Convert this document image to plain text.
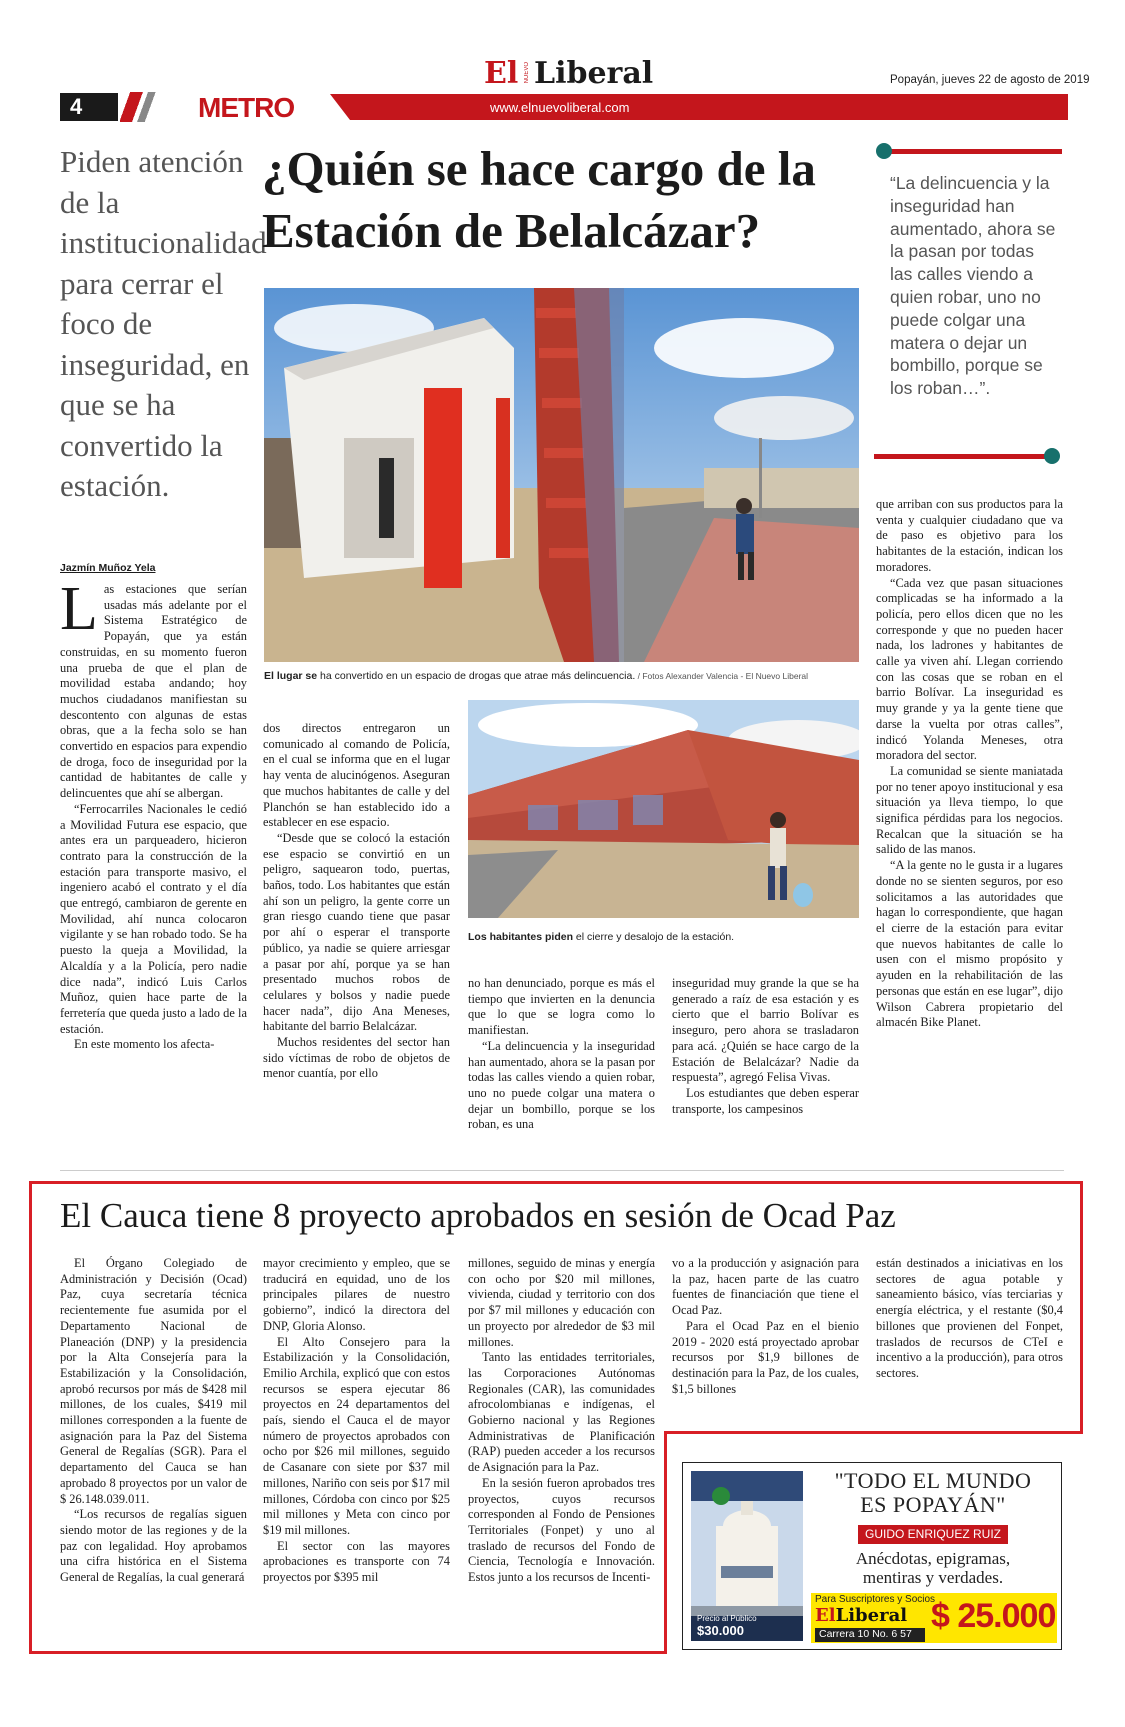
4	METRO
El NUEVO Liberal
www.elnuevoliberal.com
Popayán, jueves 22 de agosto de 2019
Piden atención de la institucionalidad para cerrar el foco de inseguridad, en que se ha convertido la estación.
¿Quién se hace cargo de la Estación de Belalcázar?
“La delincuencia y la inseguridad han aumentado, ahora se la pasan por todas las calles viendo a quien robar, uno no puede colgar una matera o dejar un bombillo, porque se los roban…”.
El lugar se ha convertido en un espacio de drogas que atrae más delincuencia. / Fotos Alexander Valencia - El Nuevo Liberal
Los habitantes piden el cierre y desalojo de la estación.
Jazmín Muñoz Yela

Las estaciones que serían usadas más adelante por el Sistema Estratégico de Popayán, que ya están construidas, en su momento fueron una prueba de que el plan de movilidad estaba andando; hoy muchos ciudadanos manifiestan su descontento con algunas de estas obras, que a la fecha solo se han convertido en espacios para expendio de droga, foco de inseguridad por la cantidad de habitantes de calle y delincuentes que ahí se albergan.

“Ferrocarriles Nacionales le cedió a Movilidad Futura ese espacio, que antes era un parqueadero, hicieron contrato para la construcción de la estación para transporte masivo, el ingeniero acabó el contrato y el día que entregó, cambiaron de gerente en Movilidad, ahí nunca colocaron vigilante y se han robado todo. Se ha puesto la queja a Movilidad, la Alcaldía y a la Policía, pero nadie dice nada”, indicó Luis Carlos Muñoz, quien hace parte de la ferretería que queda justo a lado de la estación.

En este momento los afecta-

dos directos entregaron un comunicado al comando de Policía, en el cual se informa que en el lugar hay venta de alucinógenos. Aseguran que muchos habitantes de calle y del Planchón se han establecido ido a establecer en ese espacio.

“Desde que se colocó la estación ese espacio se convirtió en un peligro, saquearon todo, puertas, baños, todo. Los habitantes que están ahí son un peligro, la gente corre un gran riesgo cuando tiene que pasar por ahí o esperar el transporte público, ya nadie se quiere arriesgar a pasar por ahí, porque ya se han presentado muchos robos de celulares y bolsos y nadie puede hacer nada”, dijo Ana Meneses, habitante del barrio Belalcázar.

Muchos residentes del sector han sido víctimas de robo de objetos de menor cuantía, por ello

no han denunciado, porque es más el tiempo que invierten en la denuncia que lo que se logra como lo manifiestan.

“La delincuencia y la inseguridad han aumentado, ahora se la pasan por todas las calles viendo a quien robar, uno no puede colgar una matera o dejar un bombillo, porque se los roban, es una

inseguridad muy grande la que se ha generado a raíz de esa estación y es cierto que el barrio Bolívar es inseguro, pero ahora se trasladaron para acá. ¿Quién se hace cargo de la Estación de Belalcázar? Nadie da respuesta”, agregó Felisa Vivas.

Los estudiantes que deben esperar transporte, los campesinos

que arriban con sus productos para la venta y cualquier ciudadano que va de paso es objetivo para los habitantes de la estación, indican los moradores.

“Cada vez que pasan situaciones complicadas se ha informado a la policía, pero ellos dicen que no les corresponde y que no pueden hacer nada, los ladrones y habitantes de calle ya viven ahí. Llegan corriendo con las cosas que se roban en el barrio Bolívar. La inseguridad es muy grande y ya la gente tiene que darse la vuelta por otras calles”, indicó Yolanda Meneses, otra moradora del sector.

La comunidad se siente maniatada por no tener apoyo institucional y esa situación ya lleva tiempo, lo que significa pérdidas para los negocios. Recalcan que la situación se ha salido de las manos.

“A la gente no le gusta ir a lugares donde no se sienten seguros, por eso solicitamos a las autoridades que hagan lo correspondiente, que hagan el cierre de la estación para evitar que nuevos habitantes de calle lo usen con el mismo propósito y ayuden en la rehabilitación de las personas que están en ese lugar”, dijo Wilson Cabrera propietario del almacén Bike Planet.

El Cauca tiene 8 proyecto aprobados en sesión de Ocad Paz

El Órgano Colegiado de Administración y Decisión (Ocad) Paz, cuya secretaría técnica recientemente fue asumida por el Departamento Nacional de Planeación (DNP) y la presidencia por la Alta Consejería para la Estabilización y la Consolidación, aprobó recursos por más de $428 mil millones, de los cuales, $419 mil millones corresponden a la fuente de asignación para la Paz del Sistema General de Regalías (SGR). Para el departamento del Cauca se han aprobado 8 proyectos por un valor de $ 26.148.039.011.

“Los recursos de regalías siguen siendo motor de las regiones y de la paz con legalidad. Hoy aprobamos una cifra histórica en el Sistema General de Regalías, la cual generará

mayor crecimiento y empleo, que se traducirá en equidad, uno de los principales pilares de nuestro gobierno”, indicó la directora del DNP, Gloria Alonso.

El Alto Consejero para la Estabilización y la Consolidación, Emilio Archila, explicó que con estos recursos se espera ejecutar 86 proyectos en 24 departamentos del país, siendo el Cauca el de mayor número de proyectos aprobados con ocho por $26 mil millones, seguido de Casanare con siete por $37 mil millones, Nariño con seis por $17 mil millones, Córdoba con cinco por $25 mil millones y Meta con cinco por $19 mil millones.

El sector con las mayores aprobaciones es transporte con 74 proyectos por $395 mil

millones, seguido de minas y energía con ocho por $20 mil millones, vivienda, ciudad y territorio con dos por $7 mil millones y educación con un proyecto por alrededor de $3 mil millones.

Tanto las entidades territoriales, las Corporaciones Autónomas Regionales (CAR), las comunidades afrocolombianas e indígenas, el Gobierno nacional y las Regiones Administrativas de Planificación (RAP) pueden acceder a los recursos de Asignación para la Paz.

En la sesión fueron aprobados tres proyectos, cuyos recursos corresponden al Fondo de Pensiones Territoriales (Fonpet) y uno al traslado de recursos del Fondo de Ciencia, Tecnología e Innovación. Estos junto a los recursos de Incenti-

vo a la producción y asignación para la paz, hacen parte de las cuatro fuentes de financiación que tiene el Ocad Paz.

Para el Ocad Paz en el bienio 2019 - 2020 está proyectado aprobar recursos por $1,9 billones de destinación para la Paz, de los cuales, $1,5 billones

están destinados a iniciativas en los sectores de agua potable y saneamiento básico, vías terciarias y energía eléctrica, y el restante ($0,4 billones que provienen del Fonpet, traslados de recursos de CTeI e incentivo a la producción), para otros sectores.

Precio al Público
$30.000
"TODO EL MUNDO
ES POPAYÁN"
GUIDO ENRIQUEZ RUIZ
Anécdotas, epigramas, mentiras y verdades.
Para Suscriptores y Socios
ElLiberal
Carrera 10 No. 6 57 $ 25.000
